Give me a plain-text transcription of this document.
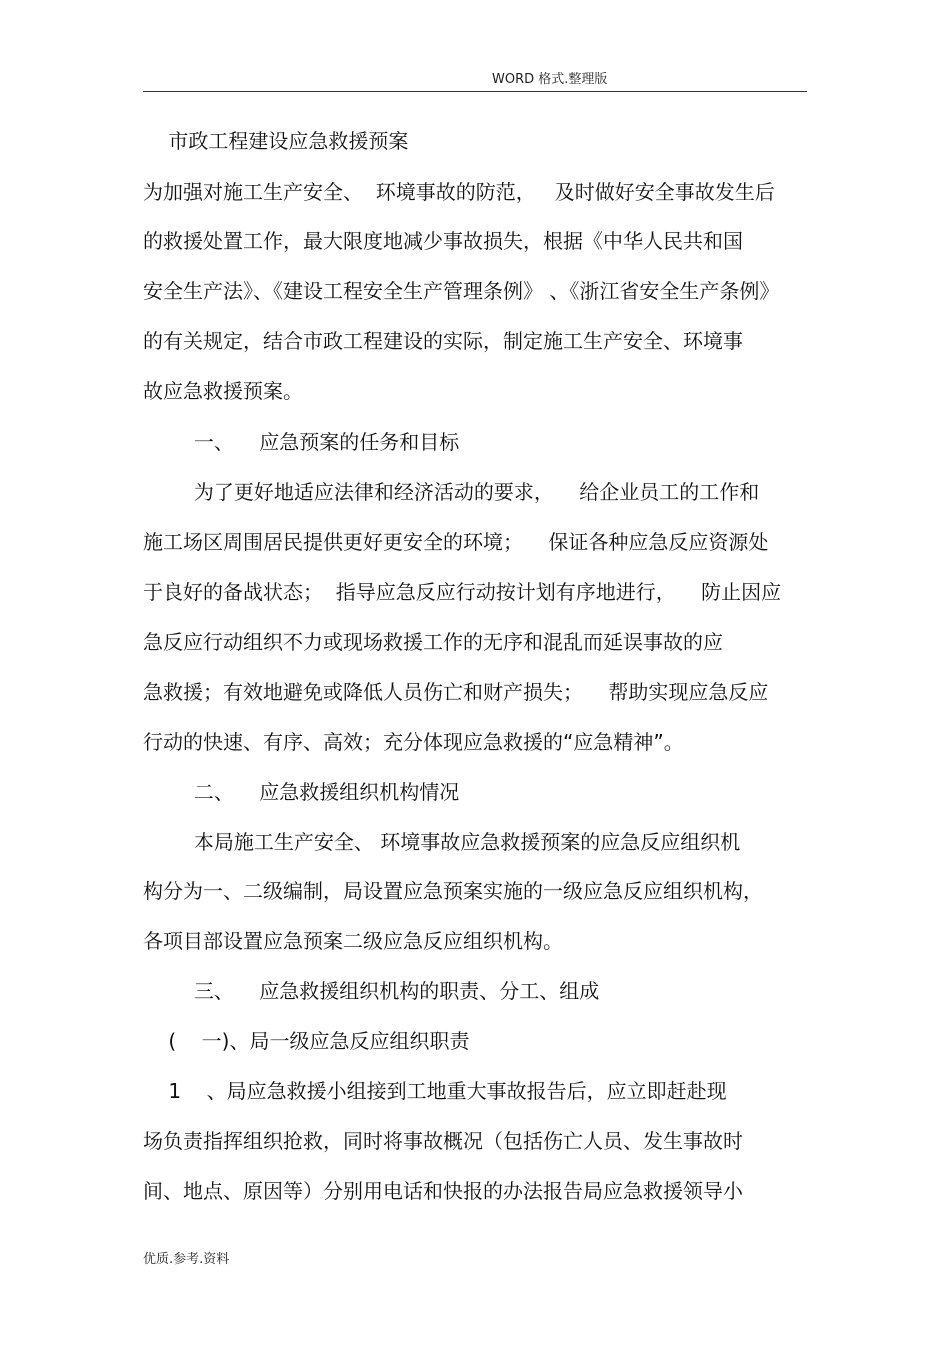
WORD 格式.整理版
市政工程建设应急救援预案
为加强对施工生产安全、  环境事故的防范，   及时做好安全事故发生后
的救援处置工作，最大限度地减少事故损失，根据《中华人民共和国
安全生产法》、《建设工程安全生产管理条例》 、《浙江省安全生产条例》
的有关规定，结合市政工程建设的实际，制定施工生产安全、环境事
故应急救援预案。
一、    应急预案的任务和目标
为了更好地适应法律和经济活动的要求，    给企业员工的工作和
施工场区周围居民提供更好更安全的环境；    保证各种应急反应资源处
于良好的备战状态；  指导应急反应行动按计划有序地进行，    防止因应
急反应行动组织不力或现场救援工作的无序和混乱而延误事故的应
急救援；有效地避免或降低人员伤亡和财产损失；    帮助实现应急反应
行动的快速、有序、高效；充分体现应急救援的“应急精神”。
二、    应急救援组织机构情况
本局施工生产安全、 环境事故应急救援预案的应急反应组织机
构分为一、二级编制，局设置应急预案实施的一级应急反应组织机构，
各项目部设置应急预案二级应急反应组织机构。
三、    应急救援组织机构的职责、分工、组成
(    一)、局一级应急反应组织职责
1    、局应急救援小组接到工地重大事故报告后，应立即赶赴现
场负责指挥组织抢救，同时将事故概况（包括伤亡人员、发生事故时
间、地点、原因等）分别用电话和快报的办法报告局应急救援领导小
优质.参考.资料
